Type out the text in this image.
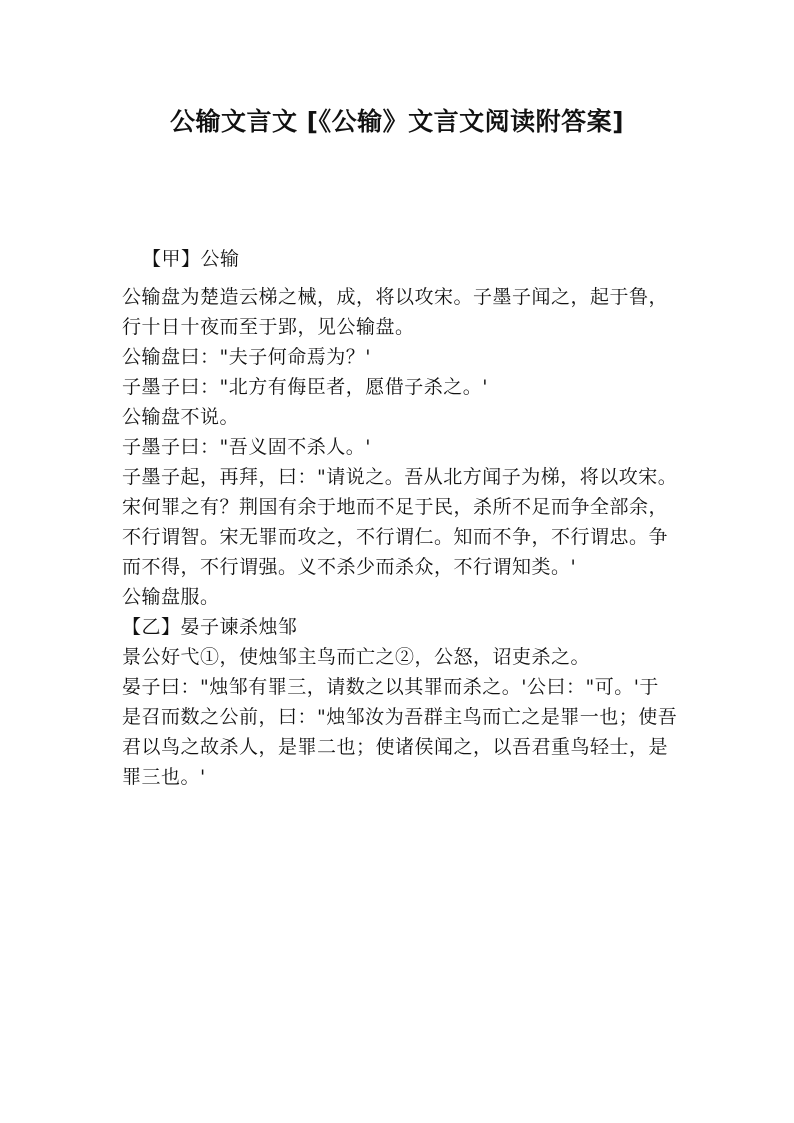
公输文言文 [《公输》文言文阅读附答案]

【甲】公输

公输盘为楚造云梯之械，成，将以攻宋。子墨子闻之，起于鲁，行十日十夜而至于郢，见公输盘。

公输盘曰："夫子何命焉为？'

子墨子曰："北方有侮臣者，愿借子杀之。'

公输盘不说。

子墨子曰："吾义固不杀人。'

子墨子起，再拜，曰："请说之。吾从北方闻子为梯，将以攻宋。宋何罪之有？荆国有余于地而不足于民，杀所不足而争全部余，不行谓智。宋无罪而攻之，不行谓仁。知而不争，不行谓忠。争而不得，不行谓强。义不杀少而杀众，不行谓知类。'

公输盘服。

【乙】晏子谏杀烛邹

景公好弋①，使烛邹主鸟而亡之②，公怒，诏吏杀之。

晏子曰："烛邹有罪三，请数之以其罪而杀之。'公曰："可。'于是召而数之公前，曰："烛邹汝为吾群主鸟而亡之是罪一也；使吾君以鸟之故杀人，是罪二也；使诸侯闻之，以吾君重鸟轻士，是罪三也。'
